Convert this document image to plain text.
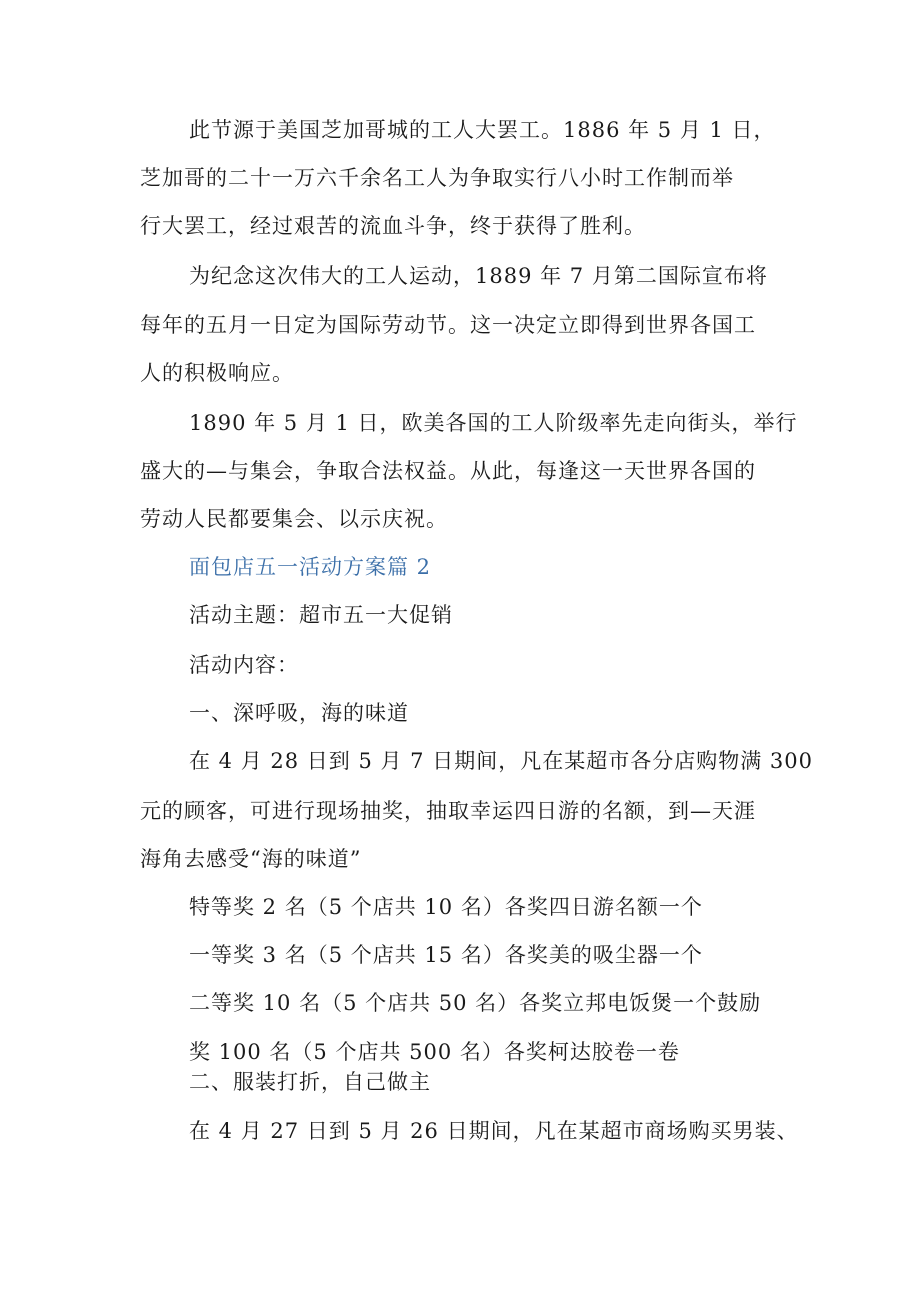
此节源于美国芝加哥城的工人大罢工。1886 年 5 月 1 日，
芝加哥的二十一万六千余名工人为争取实行八小时工作制而举
行大罢工，经过艰苦的流血斗争，终于获得了胜利。
为纪念这次伟大的工人运动，1889 年 7 月第二国际宣布将
每年的五月一日定为国际劳动节。这一决定立即得到世界各国工
人的积极响应。
1890 年 5 月 1 日，欧美各国的工人阶级率先走向街头，举行
盛大的—与集会，争取合法权益。从此，每逢这一天世界各国的
劳动人民都要集会、以示庆祝。
面包店五一活动方案篇 2
活动主题：超市五一大促销
活动内容：
一、深呼吸，海的味道
在 4 月 28 日到 5 月 7 日期间，凡在某超市各分店购物满 300
元的顾客，可进行现场抽奖，抽取幸运四日游的名额，到—天涯
海角去感受“海的味道”
特等奖 2 名（5 个店共 10 名）各奖四日游名额一个
一等奖 3 名（5 个店共 15 名）各奖美的吸尘器一个
二等奖 10 名（5 个店共 50 名）各奖立邦电饭煲一个鼓励
奖 100 名（5 个店共 500 名）各奖柯达胶卷一卷
二、服装打折，自己做主
在 4 月 27 日到 5 月 26 日期间，凡在某超市商场购买男装、
